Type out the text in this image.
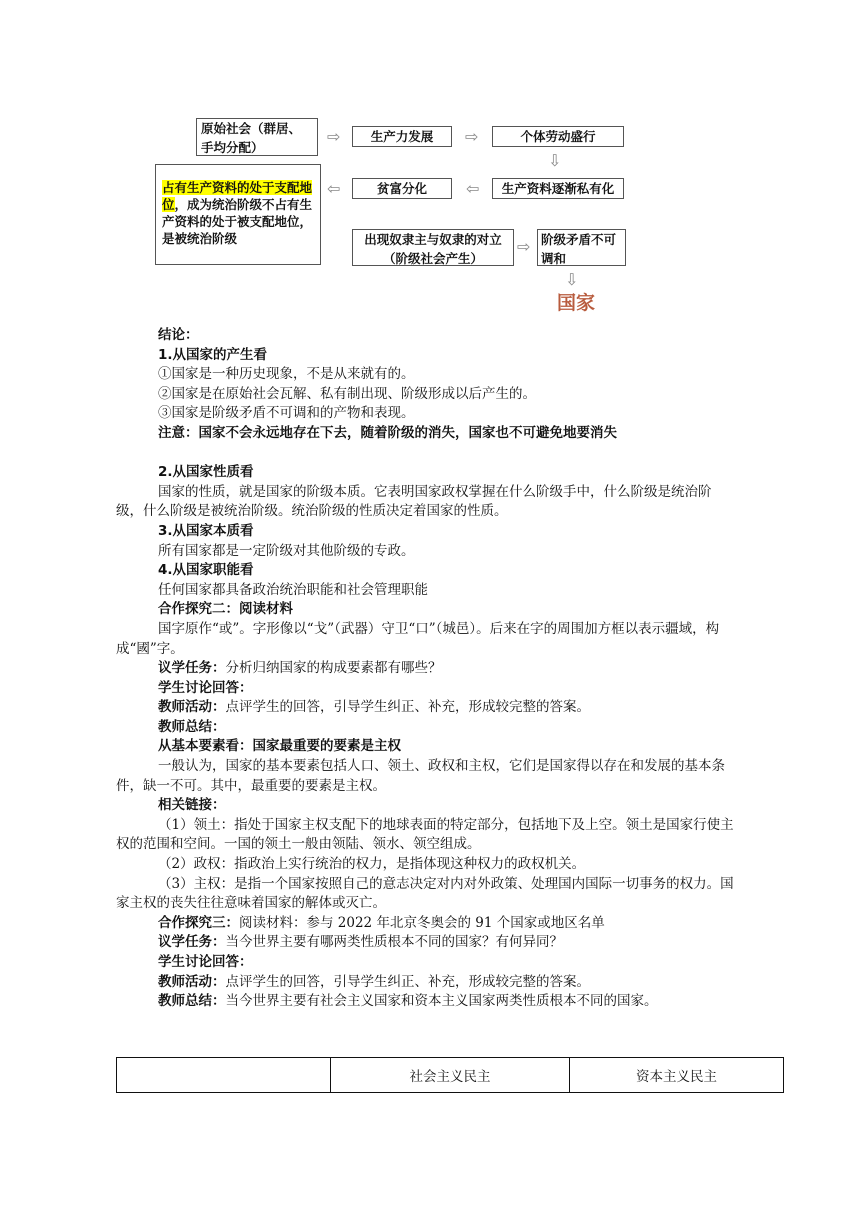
原始社会（群居、手均分配）
⇨ 生产力发展 ⇨	个体劳动盛行
⇩
生产资料逐渐私有化
⇦
贫富分化
⇦
占有生产资料的处于支配地位，成为统治阶级不占有生产资料的处于被支配地位，是被统治阶级	出现奴隶主与奴隶的对立（阶级社会产生）
⇨ 阶级矛盾不可调和
⇩
国家

结论：

1.从国家的产生看

①国家是一种历史现象，不是从来就有的。

②国家是在原始社会瓦解、私有制出现、阶级形成以后产生的。

③国家是阶级矛盾不可调和的产物和表现。

注意：国家不会永远地存在下去，随着阶级的消失，国家也不可避免地要消失

2.从国家性质看

国家的性质，就是国家的阶级本质。它表明国家政权掌握在什么阶级手中，什么阶级是统治阶级，什么阶级是被统治阶级。统治阶级的性质决定着国家的性质。

3.从国家本质看

所有国家都是一定阶级对其他阶级的专政。

4.从国家职能看

任何国家都具备政治统治职能和社会管理职能

合作探究二：阅读材料

国字原作“或”。字形像以“戈”（武器）守卫“口”（城邑）。后来在字的周围加方框以表示疆域，构成“國”字。

议学任务：分析归纳国家的构成要素都有哪些？

学生讨论回答：

教师活动：点评学生的回答，引导学生纠正、补充，形成较完整的答案。

教师总结：

从基本要素看：国家最重要的要素是主权

一般认为，国家的基本要素包括人口、领土、政权和主权，它们是国家得以存在和发展的基本条件，缺一不可。其中，最重要的要素是主权。

相关链接：

（1）领土：指处于国家主权支配下的地球表面的特定部分，包括地下及上空。领土是国家行使主权的范围和空间。一国的领土一般由领陆、领水、领空组成。

（2）政权：指政治上实行统治的权力，是指体现这种权力的政权机关。

（3）主权：是指一个国家按照自己的意志决定对内对外政策、处理国内国际一切事务的权力。国家主权的丧失往往意味着国家的解体或灭亡。

合作探究三：阅读材料：参与 2022 年北京冬奥会的 91 个国家或地区名单

议学任务：当今世界主要有哪两类性质根本不同的国家？有何异同？

学生讨论回答：

教师活动：点评学生的回答，引导学生纠正、补充，形成较完整的答案。

教师总结：当今世界主要有社会主义国家和资本主义国家两类性质根本不同的国家。

	社会主义民主	资本主义民主
